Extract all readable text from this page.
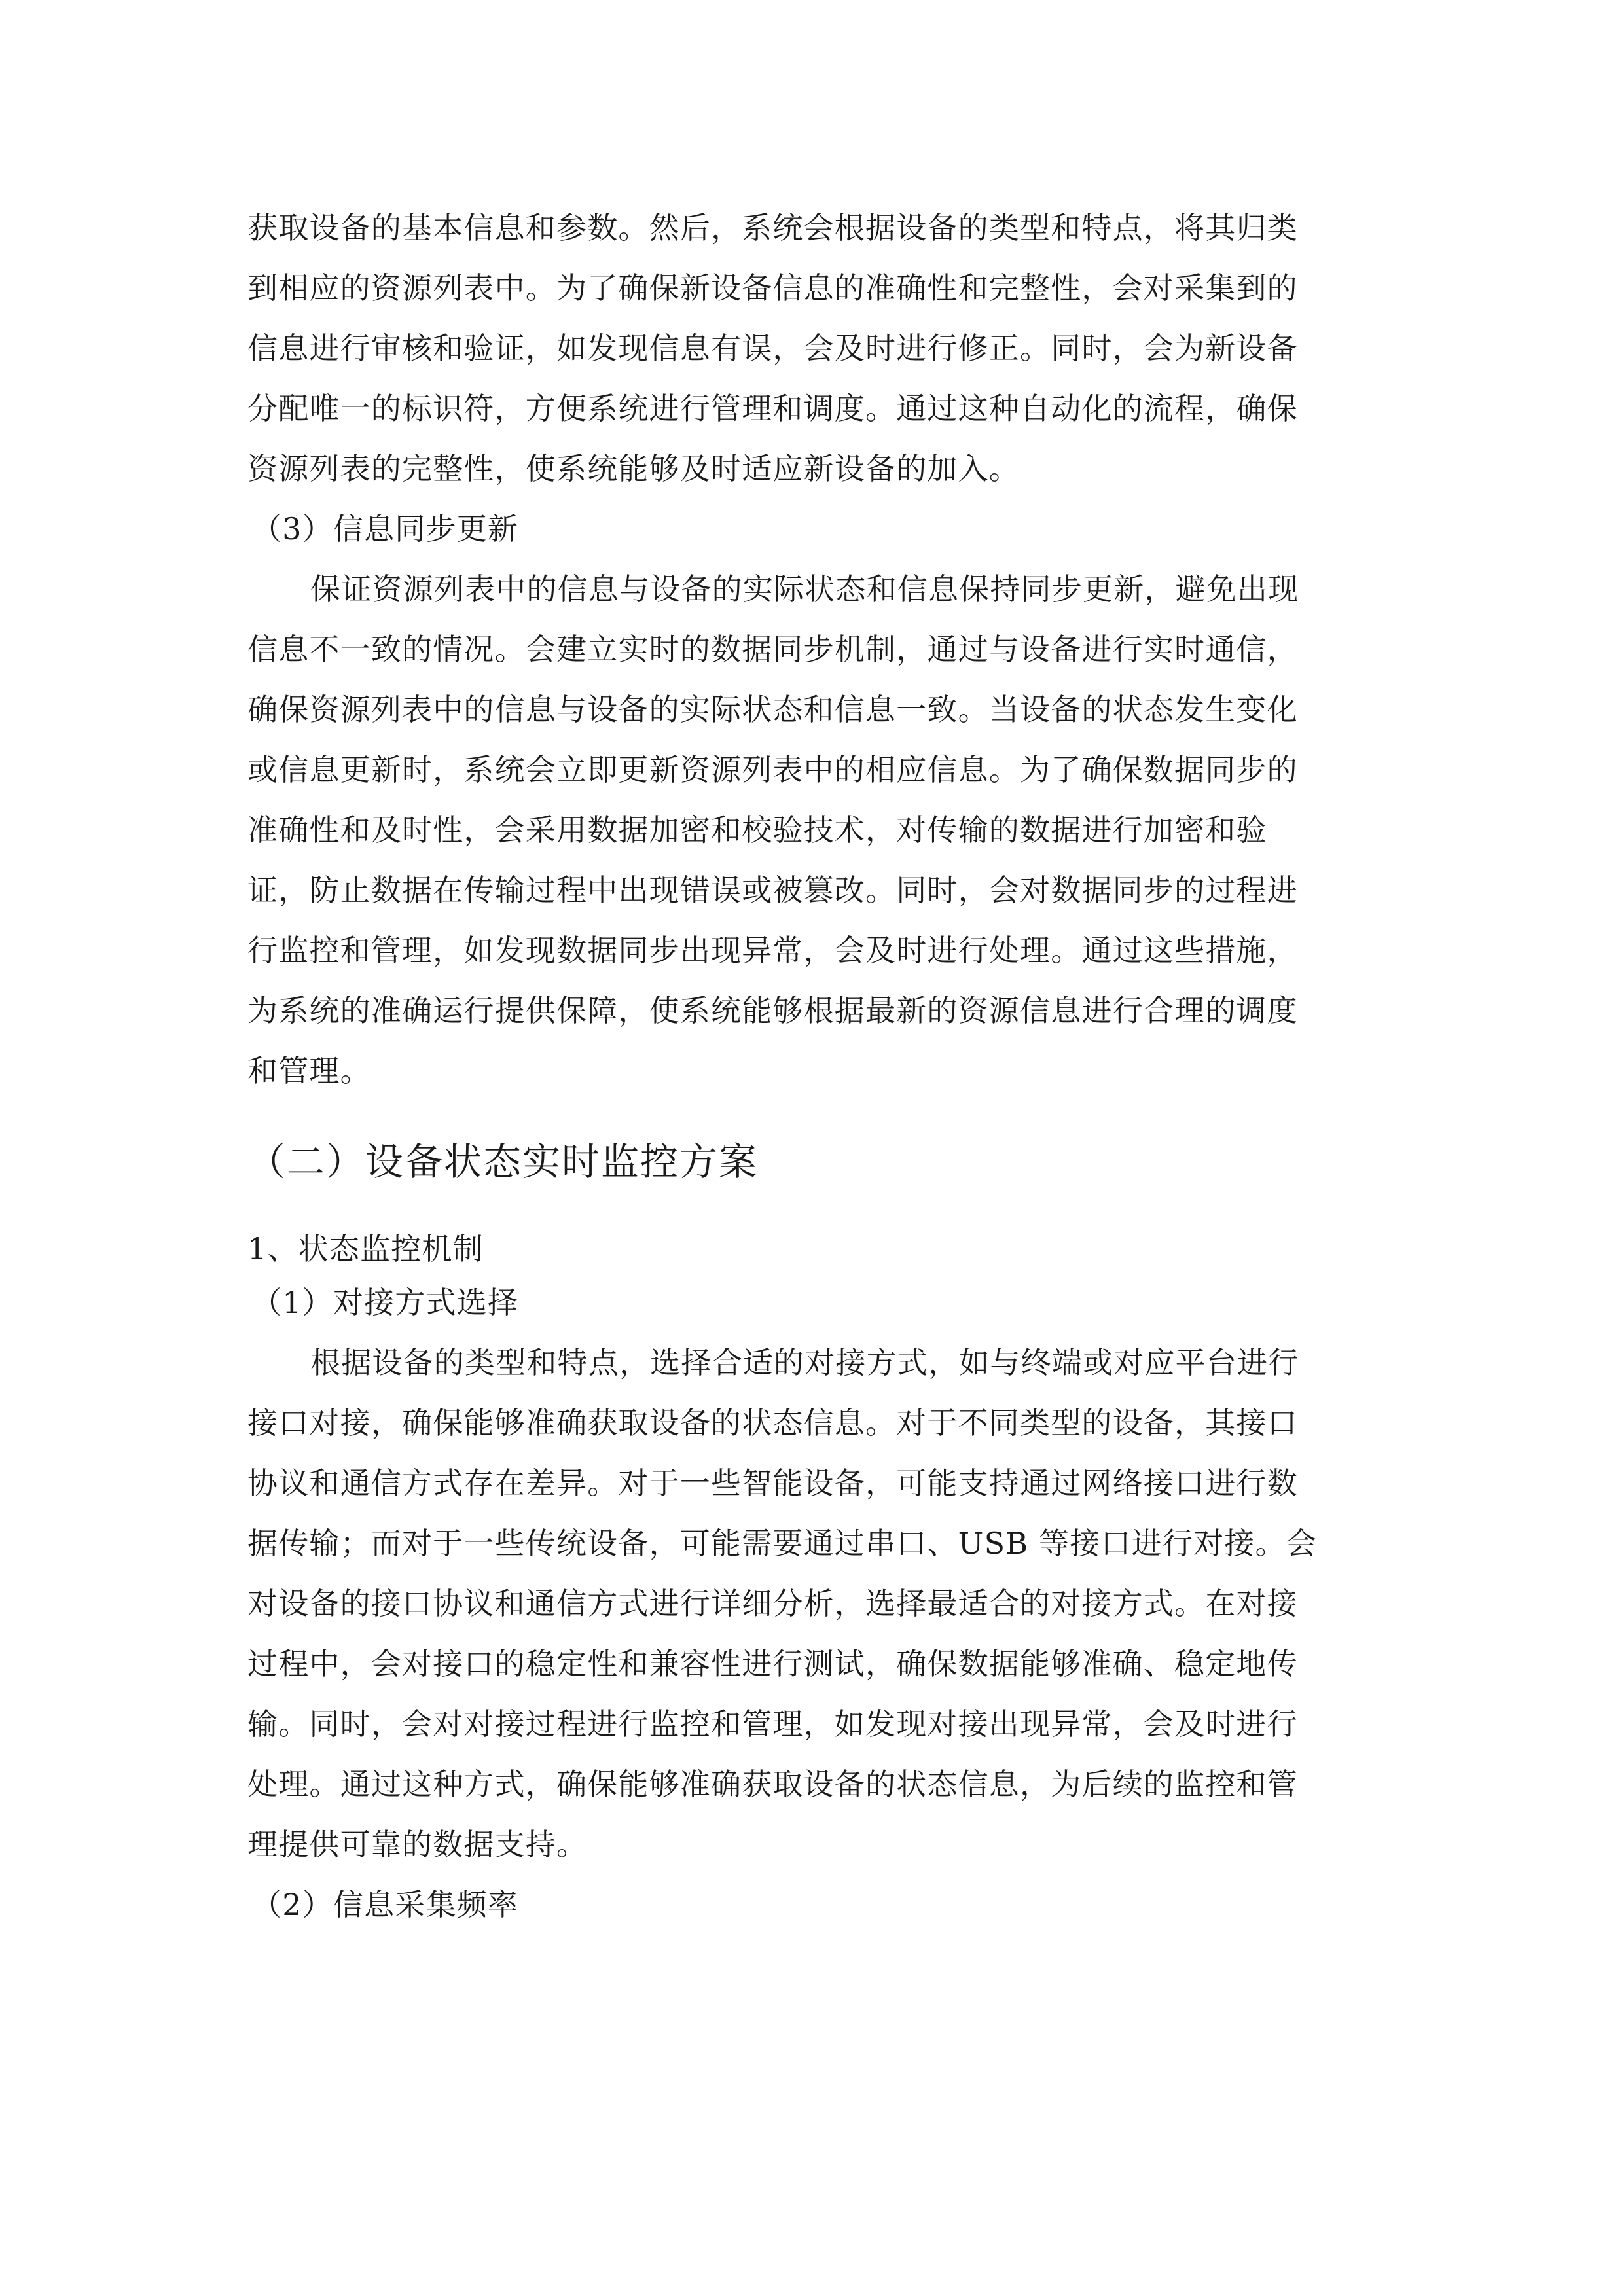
获取设备的基本信息和参数。然后，系统会根据设备的类型和特点，将其归类
到相应的资源列表中。为了确保新设备信息的准确性和完整性，会对采集到的
信息进行审核和验证，如发现信息有误，会及时进行修正。同时，会为新设备
分配唯一的标识符，方便系统进行管理和调度。通过这种自动化的流程，确保
资源列表的完整性，使系统能够及时适应新设备的加入。
（3）信息同步更新
保证资源列表中的信息与设备的实际状态和信息保持同步更新，避免出现
信息不一致的情况。会建立实时的数据同步机制，通过与设备进行实时通信，
确保资源列表中的信息与设备的实际状态和信息一致。当设备的状态发生变化
或信息更新时，系统会立即更新资源列表中的相应信息。为了确保数据同步的
准确性和及时性，会采用数据加密和校验技术，对传输的数据进行加密和验
证，防止数据在传输过程中出现错误或被篡改。同时，会对数据同步的过程进
行监控和管理，如发现数据同步出现异常，会及时进行处理。通过这些措施，
为系统的准确运行提供保障，使系统能够根据最新的资源信息进行合理的调度
和管理。
（二）设备状态实时监控方案
1、状态监控机制
（1）对接方式选择
根据设备的类型和特点，选择合适的对接方式，如与终端或对应平台进行
接口对接，确保能够准确获取设备的状态信息。对于不同类型的设备，其接口
协议和通信方式存在差异。对于一些智能设备，可能支持通过网络接口进行数
据传输；而对于一些传统设备，可能需要通过串口、USB 等接口进行对接。会
对设备的接口协议和通信方式进行详细分析，选择最适合的对接方式。在对接
过程中，会对接口的稳定性和兼容性进行测试，确保数据能够准确、稳定地传
输。同时，会对对接过程进行监控和管理，如发现对接出现异常，会及时进行
处理。通过这种方式，确保能够准确获取设备的状态信息，为后续的监控和管
理提供可靠的数据支持。
（2）信息采集频率
